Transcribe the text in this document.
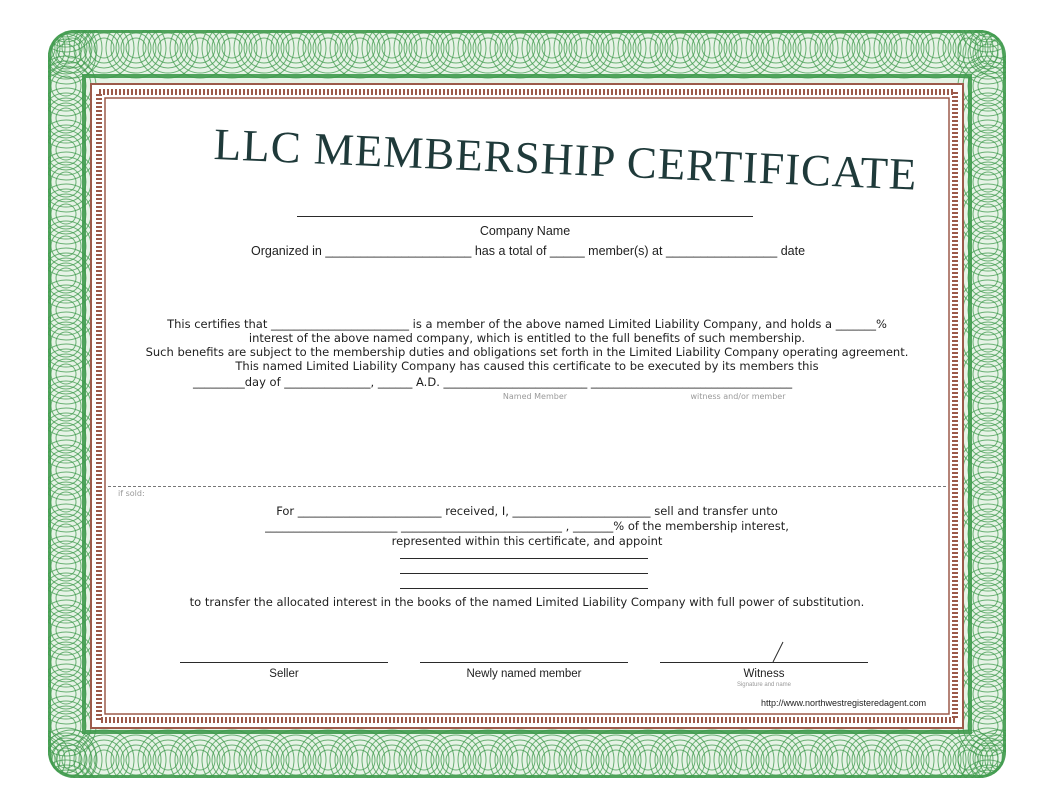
LLC MEMBERSHIP CERTIFICATE
Company Name
Organized in _____________________ has a total of _____ member(s) at ________________ date
This certifies that ________________________ is a member of the above named Limited Liability Company, and holds a _______%
interest of the above named company, which is entitled to the full benefits of such membership.
Such benefits are subject to the membership duties and obligations set forth in the Limited Liability Company operating agreement.
This named Limited Liability Company has caused this certificate to be executed by its members this
_________day of _______________, ______ A.D. _________________________ ___________________________________
Named Member	witness and/or member
if sold:
For _________________________ received, I, ________________________ sell and transfer unto
_______________________ ____________________________ , _______% of the membership interest,
represented within this certificate, and appoint
to transfer the allocated interest in the books of the named Limited Liability Company with full power of substitution.
Seller	Newly named member	Witness
Signature and name
http://www.northwestregisteredagent.com
